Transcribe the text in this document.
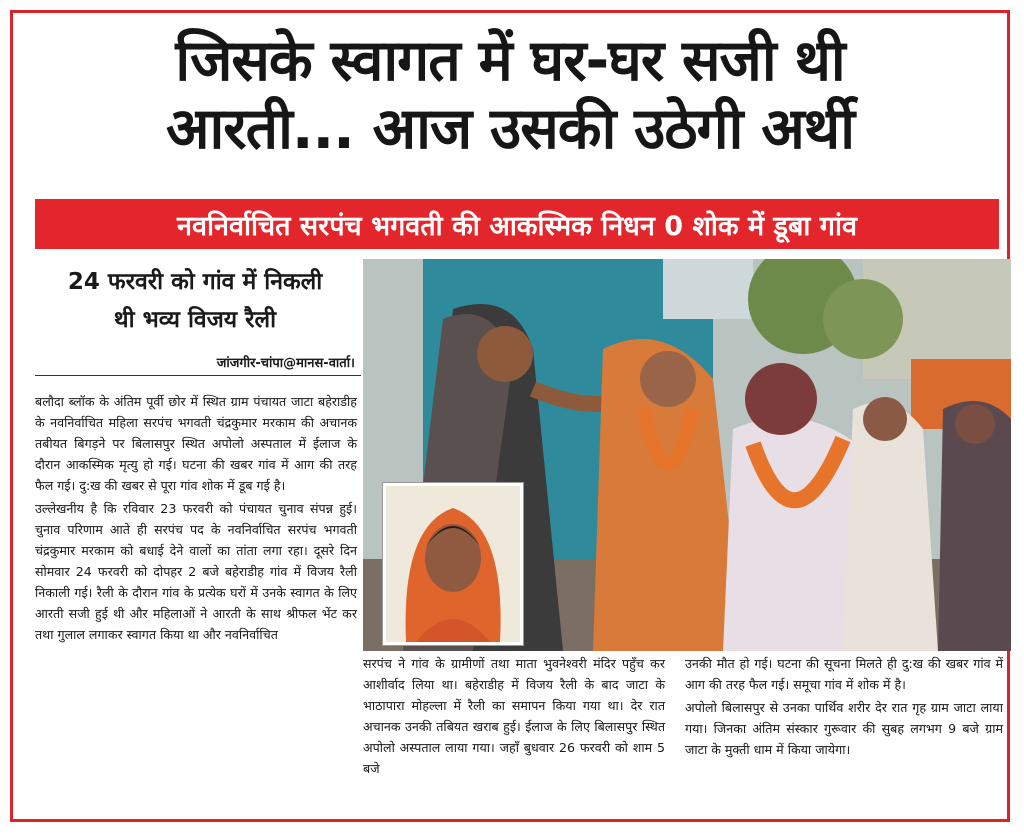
जिसके स्वागत में घर-घर सजी थी
आरती... आज उसकी उठेगी अर्थी
नवनिर्वाचित सरपंच भगवती की आकस्मिक निधन 0 शोक में डूबा गांव
24 फरवरी को गांव में निकली
थी भव्य विजय रैली
जांजगीर-चांपा@मानस-वार्ता।

बलौदा ब्लॉक के अंतिम पूर्वी छोर में स्थित ग्राम पंचायत जाटा बहेराडीह के नवनिर्वाचित महिला सरपंच भगवती चंद्रकुमार मरकाम की अचानक तबीयत बिगड़ने पर बिलासपुर स्थित अपोलो अस्पताल में ईलाज के दौरान आकस्मिक मृत्यु हो गई। घटना की खबर गांव में आग की तरह फैल गई। दु:ख की खबर से पूरा गांव शोक में डूब गई है।

उल्लेखनीय है कि रविवार 23 फरवरी को पंचायत चुनाव संपन्न हुई। चुनाव परिणाम आते ही सरपंच पद के नवनिर्वाचित सरपंच भगवती चंद्रकुमार मरकाम को बधाई देने वालों का तांता लगा रहा। दूसरे दिन सोमवार 24 फरवरी को दोपहर 2 बजे बहेराडीह गांव में विजय रैली निकाली गई। रैली के दौरान गांव के प्रत्येक घरों में उनके स्वागत के लिए आरती सजी हुई थी और महिलाओं ने आरती के साथ श्रीफल भेंट कर तथा गुलाल लगाकर स्वागत किया था और नवनिर्वाचित

सरपंच ने गांव के ग्रामीणों तथा माता भुवनेश्वरी मंदिर पहुँच कर आशीर्वाद लिया था। बहेराडीह में विजय रैली के बाद जाटा के भाठापारा मोहल्ला में रैली का समापन किया गया था। देर रात अचानक उनकी तबियत खराब हुई। ईलाज के लिए बिलासपुर स्थित अपोलो अस्पताल लाया गया। जहाँ बुधवार 26 फरवरी को शाम 5 बजे

उनकी मौत हो गई। घटना की सूचना मिलते ही दु:ख की खबर गांव में आग की तरह फैल गई। समूचा गांव में शोक में है।

अपोलो बिलासपुर से उनका पार्थिव शरीर देर रात गृह ग्राम जाटा लाया गया। जिनका अंतिम संस्कार गुरूवार की सुबह लगभग 9 बजे ग्राम जाटा के मुक्ती धाम में किया जायेगा।
